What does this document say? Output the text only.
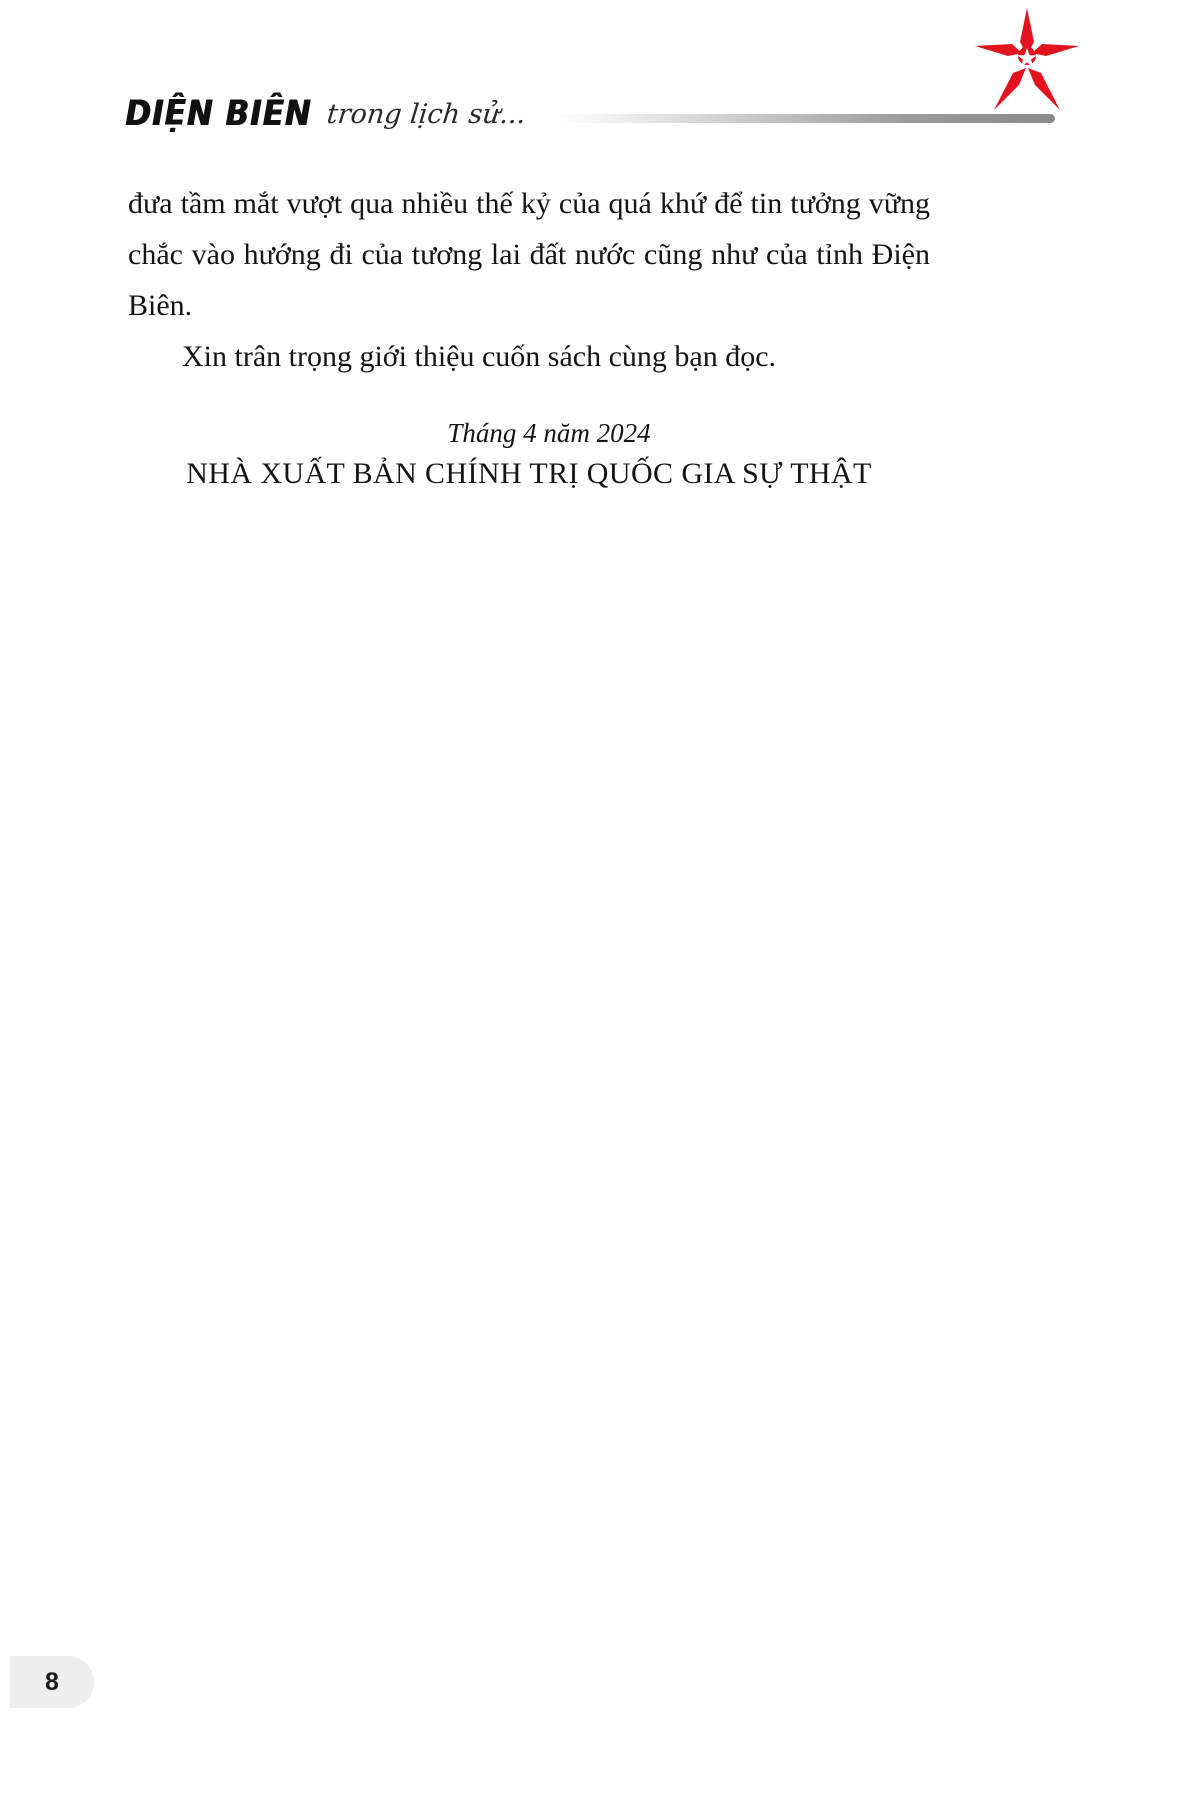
DIỆN BIÊN trong lịch sử...

đưa tầm mắt vượt qua nhiều thế kỷ của quá khứ để tin tưởng vững chắc vào hướng đi của tương lai đất nước cũng như của tỉnh Điện Biên.

Xin trân trọng giới thiệu cuốn sách cùng bạn đọc.

Tháng 4 năm 2024

NHÀ XUẤT BẢN CHÍNH TRỊ QUỐC GIA SỰ THẬT

8
